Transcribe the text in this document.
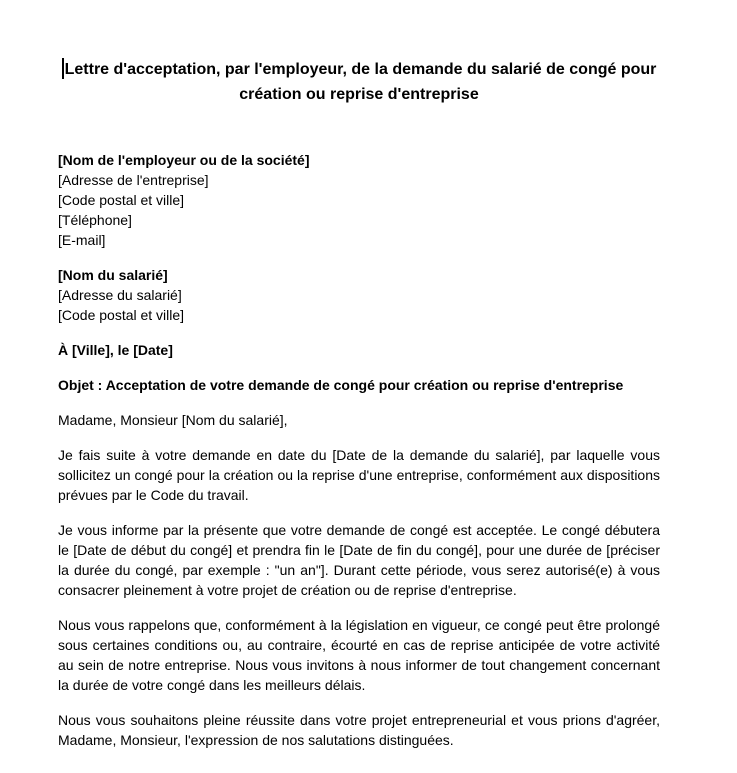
Lettre d'acceptation, par l'employeur, de la demande du salarié de congé pour
création ou reprise d'entreprise
[Nom de l'employeur ou de la société]
[Adresse de l'entreprise]
[Code postal et ville]
[Téléphone]
[E-mail]
[Nom du salarié]
[Adresse du salarié]
[Code postal et ville]
À [Ville], le [Date]
Objet : Acceptation de votre demande de congé pour création ou reprise d'entreprise
Madame, Monsieur [Nom du salarié],
Je fais suite à votre demande en date du [Date de la demande du salarié], par laquelle vous sollicitez un congé pour la création ou la reprise d'une entreprise, conformément aux dispositions prévues par le Code du travail.
Je vous informe par la présente que votre demande de congé est acceptée. Le congé débutera le [Date de début du congé] et prendra fin le [Date de fin du congé], pour une durée de [préciser la durée du congé, par exemple : "un an"]. Durant cette période, vous serez autorisé(e) à vous consacrer pleinement à votre projet de création ou de reprise d'entreprise.
Nous vous rappelons que, conformément à la législation en vigueur, ce congé peut être prolongé sous certaines conditions ou, au contraire, écourté en cas de reprise anticipée de votre activité au sein de notre entreprise. Nous vous invitons à nous informer de tout changement concernant la durée de votre congé dans les meilleurs délais.
Nous vous souhaitons pleine réussite dans votre projet entrepreneurial et vous prions d'agréer, Madame, Monsieur, l'expression de nos salutations distinguées.
